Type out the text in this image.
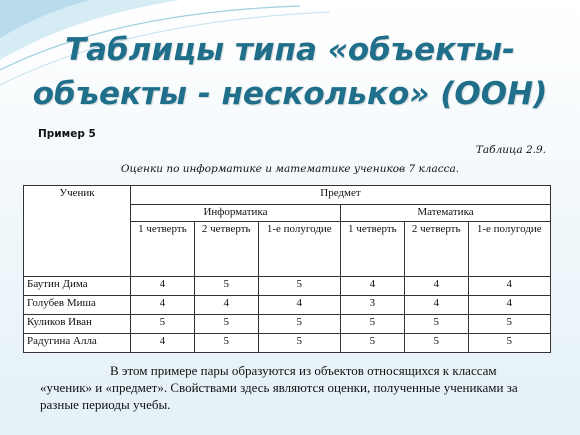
Таблицы типа «объекты-объекты - несколько» (ООН)
Пример 5
Таблица 2.9.
Оценки по информатике и математике учеников 7 класса.
Ученик	Предмет					
	Информатика			Математика		
	1 четверть	2 четверть	1-е полугодие	1 четверть	2 четверть	1-е полугодие
Баутин Дима	4	5	5	4	4	4
Голубев Миша	4	4	4	3	4	4
Куликов Иван	5	5	5	5	5	5
Радугина Алла	4	5	5	5	5	5
В этом примере пары образуются из объектов относящихся к классам «ученик» и «предмет». Свойствами здесь являются оценки, полученные учениками за разные периоды учебы.
